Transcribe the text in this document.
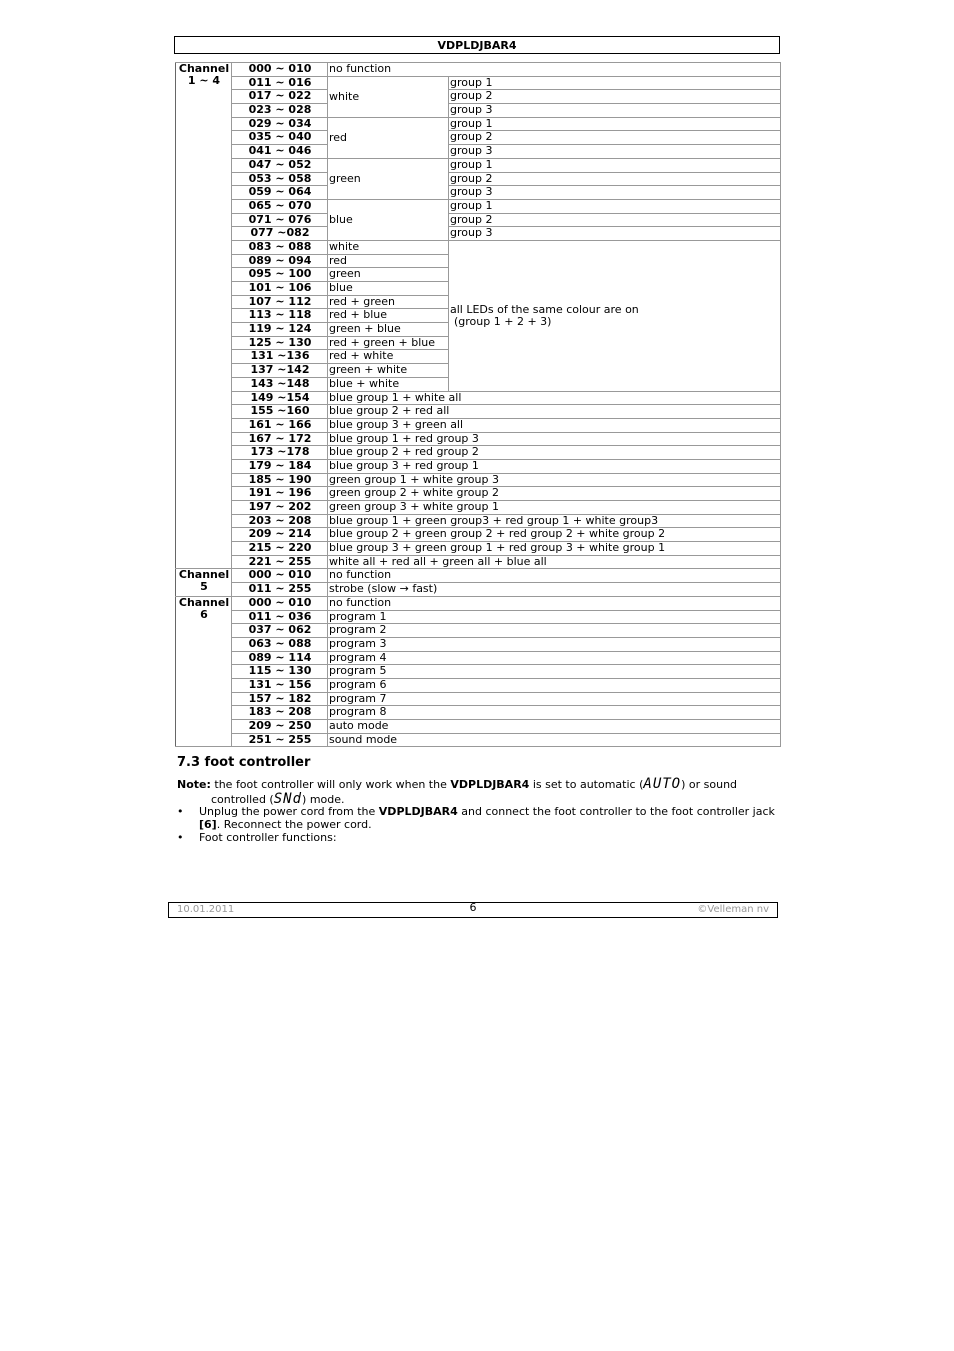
VDPLDJBAR4
Channel 1 ~ 4	000 ~ 010	no function	
	011 ~ 016	white	group 1
	017 ~ 022		group 2
	023 ~ 028		group 3
	029 ~ 034	red	group 1
	035 ~ 040		group 2
	041 ~ 046		group 3
	047 ~ 052	green	group 1
	053 ~ 058		group 2
	059 ~ 064		group 3
	065 ~ 070	blue	group 1
	071 ~ 076		group 2
	077 ~082		group 3
	083 ~ 088	white	all LEDs of the same colour are on
(group 1 + 2 + 3)

	089 ~ 094	red	
	095 ~ 100	green	
	101 ~ 106	blue	
	107 ~ 112	red + green	
	113 ~ 118	red + blue	
	119 ~ 124	green + blue	
	125 ~ 130	red + green + blue	
	131 ~136	red + white	
	137 ~142	green + white	
	143 ~148	blue + white	
	149 ~154	blue group 1 + white all	
	155 ~160	blue group 2 + red all	
	161 ~ 166	blue group 3 + green all	
	167 ~ 172	blue group 1 + red group 3	
	173 ~178	blue group 2 + red group 2	
	179 ~ 184	blue group 3 + red group 1	
	185 ~ 190	green group 1 + white group 3	
	191 ~ 196	green group 2 + white group 2	
	197 ~ 202	green group 3 + white group 1	
	203 ~ 208	blue group 1 + green group3 + red group 1 + white group3	
	209 ~ 214	blue group 2 + green group 2 + red group 2 + white group 2	
	215 ~ 220	blue group 3 + green group 1 + red group 3 + white group 1	
	221 ~ 255	white all + red all + green all + blue all	
Channel 5	000 ~ 010	no function	
	011 ~ 255	strobe (slow → fast)	
Channel 6	000 ~ 010	no function	
	011 ~ 036	program 1	
	037 ~ 062	program 2	
	063 ~ 088	program 3	
	089 ~ 114	program 4	
	115 ~ 130	program 5	
	131 ~ 156	program 6	
	157 ~ 182	program 7	
	183 ~ 208	program 8	
	209 ~ 250	auto mode	
	251 ~ 255	sound mode	
7.3 foot controller
Note: the foot controller will only work when the VDPLDJBAR4 is set to automatic (AUTO) or sound
controlled (SNd) mode.
• Unplug the power cord from the VDPLDJBAR4 and connect the foot controller to the foot controller jack [6]. Reconnect the power cord.
• Foot controller functions:
10.01.2011	6	©Velleman nv
